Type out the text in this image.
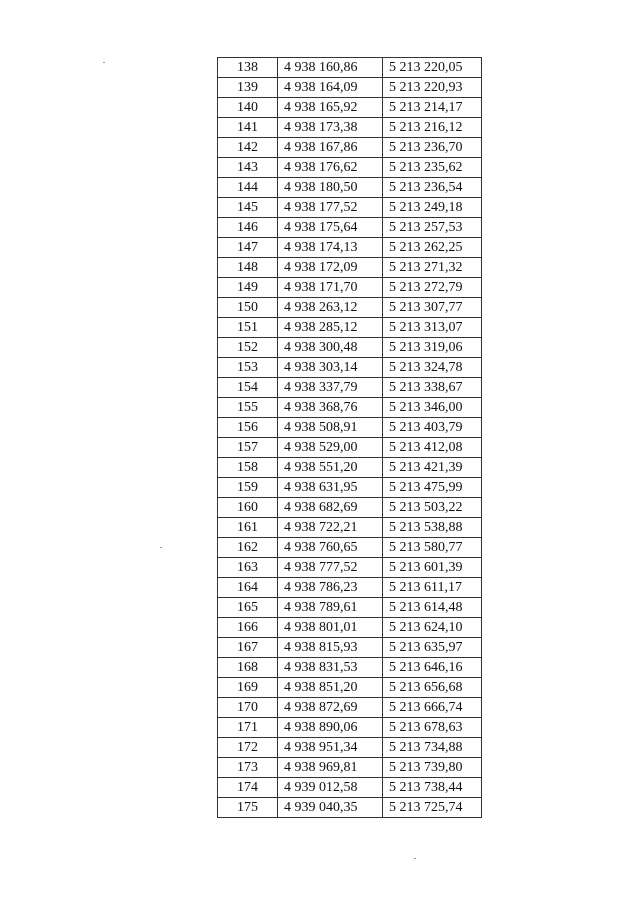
138	4 938 160,86	5 213 220,05
139	4 938 164,09	5 213 220,93
140	4 938 165,92	5 213 214,17
141	4 938 173,38	5 213 216,12
142	4 938 167,86	5 213 236,70
143	4 938 176,62	5 213 235,62
144	4 938 180,50	5 213 236,54
145	4 938 177,52	5 213 249,18
146	4 938 175,64	5 213 257,53
147	4 938 174,13	5 213 262,25
148	4 938 172,09	5 213 271,32
149	4 938 171,70	5 213 272,79
150	4 938 263,12	5 213 307,77
151	4 938 285,12	5 213 313,07
152	4 938 300,48	5 213 319,06
153	4 938 303,14	5 213 324,78
154	4 938 337,79	5 213 338,67
155	4 938 368,76	5 213 346,00
156	4 938 508,91	5 213 403,79
157	4 938 529,00	5 213 412,08
158	4 938 551,20	5 213 421,39
159	4 938 631,95	5 213 475,99
160	4 938 682,69	5 213 503,22
161	4 938 722,21	5 213 538,88
162	4 938 760,65	5 213 580,77
163	4 938 777,52	5 213 601,39
164	4 938 786,23	5 213 611,17
165	4 938 789,61	5 213 614,48
166	4 938 801,01	5 213 624,10
167	4 938 815,93	5 213 635,97
168	4 938 831,53	5 213 646,16
169	4 938 851,20	5 213 656,68
170	4 938 872,69	5 213 666,74
171	4 938 890,06	5 213 678,63
172	4 938 951,34	5 213 734,88
173	4 938 969,81	5 213 739,80
174	4 939 012,58	5 213 738,44
175	4 939 040,35	5 213 725,74
